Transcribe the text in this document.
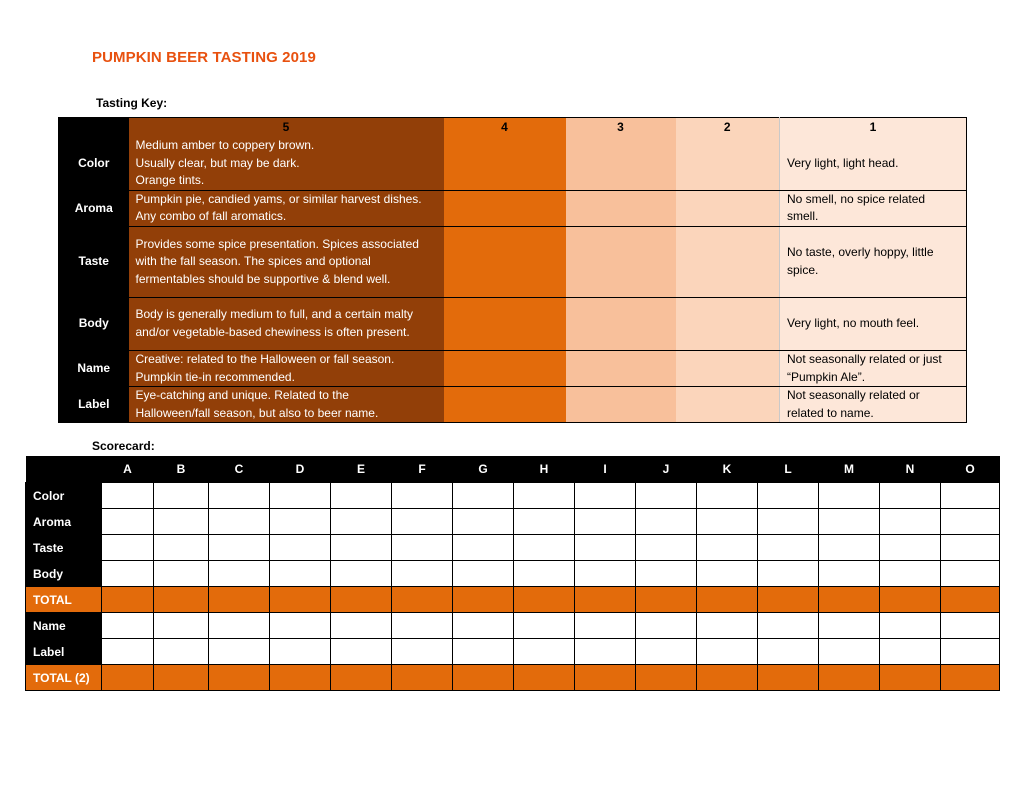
PUMPKIN BEER TASTING 2019
Tasting Key:
	5	4	3	2	1
Color	Medium amber to coppery brown. Usually clear, but may be dark. Orange tints.				Very light, light head.
Aroma	Pumpkin pie, candied yams, or similar harvest dishes. Any combo of fall aromatics.				No smell, no spice related smell.

Taste	Provides some spice presentation. Spices associated with the fall season. The spices and optional fermentables should be supportive & blend well.				No taste, overly hoppy, little spice.

Body	Body is generally medium to full, and a certain malty and/or vegetable-based chewiness is often present.				Very light, no mouth feel.
Name	Creative: related to the Halloween or fall season. Pumpkin tie-in recommended.				Not seasonally related or just “Pumpkin Ale”.

Label	Eye-catching and unique. Related to the Halloween/fall season, but also to beer name.				Not seasonally related or related to name.
Scorecard:
	A	B	C	D	E	F	G	H	I	J	K	L	M	N	O
Color															
Aroma															
Taste															
Body															
TOTAL															
Name															
Label															
TOTAL (2)															
